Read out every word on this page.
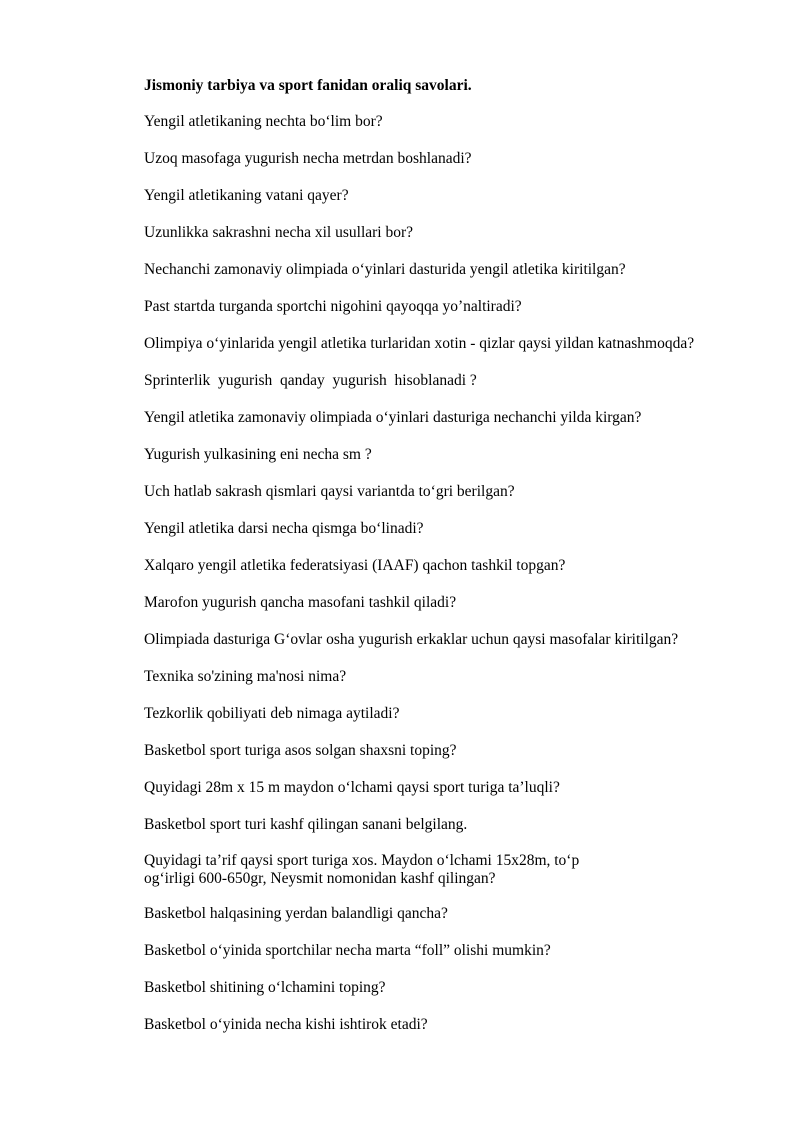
Jismoniy tarbiya va sport fanidan oraliq savolari.
Yengil atletikaning nechta bo‘lim bor?
Uzoq masofaga yugurish necha metrdan boshlanadi?
Yengil atletikaning vatani qayer?
Uzunlikka sakrashni necha xil usullari bor?
Nechanchi zamonaviy olimpiada o‘yinlari dasturida yengil atletika kiritilgan?
Past startda turganda sportchi nigohini qayoqqa yo’naltiradi?
Olimpiya o‘yinlarida yengil atletika turlaridan xotin - qizlar qaysi yildan katnashmoqda?
Sprinterlik  yugurish  qanday  yugurish  hisoblanadi ?
Yengil atletika zamonaviy olimpiada o‘yinlari dasturiga nechanchi yilda kirgan?
Yugurish yulkasining eni necha sm ?
Uch hatlab sakrash qismlari qaysi variantda to‘gri berilgan?
Yengil atletika darsi necha qismga bo‘linadi?
Xalqaro yengil atletika federatsiyasi (IAAF) qachon tashkil topgan?
Marofon yugurish qancha masofani tashkil qiladi?
Olimpiada dasturiga G‘ovlar osha yugurish erkaklar uchun qaysi masofalar kiritilgan?
Texnika so'zining ma'nosi nima?
Tezkorlik qobiliyati deb nimaga aytiladi?
Basketbol sport turiga asos solgan shaxsni toping?
Quyidagi 28m x 15 m maydon o‘lchami qaysi sport turiga ta’luqli?
Basketbol sport turi kashf qilingan sanani belgilang.
Quyidagi ta’rif qaysi sport turiga xos. Maydon o‘lchami 15x28m, to‘p
og‘irligi 600-650gr, Neysmit nomonidan kashf qilingan?
Basketbol halqasining yerdan balandligi qancha?
Basketbol o‘yinida sportchilar necha marta “foll” olishi mumkin?
Basketbol shitining o‘lchamini toping?
Basketbol o‘yinida necha kishi ishtirok etadi?
